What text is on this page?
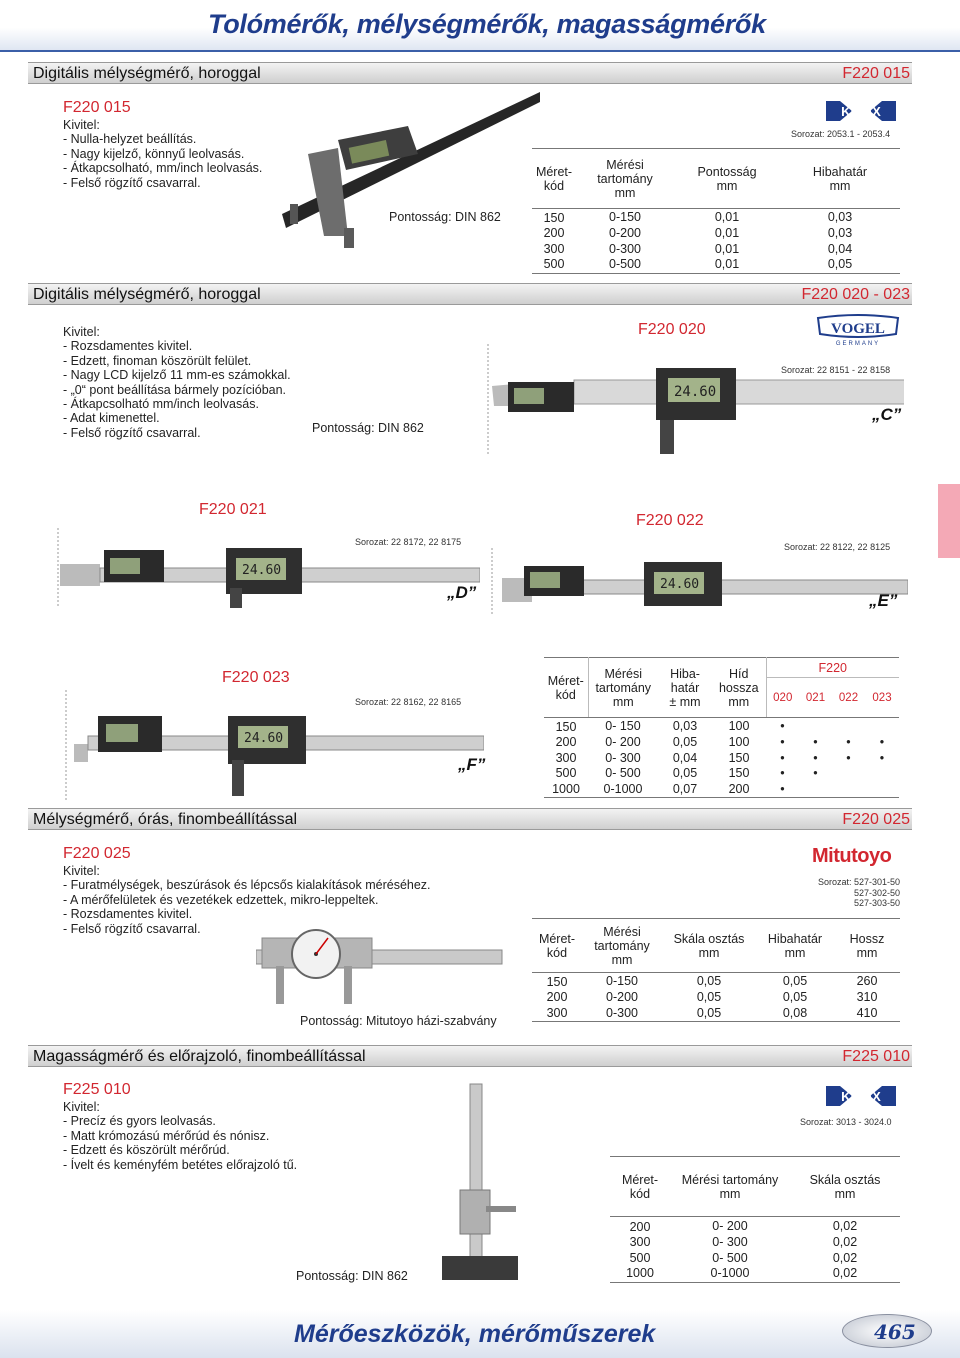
Tolómérők, mélységmérők, magasságmérők
Digitális mélységmérő, horoggal	F220 015
F220 015
Kivitel:
- Nulla-helyzet beállítás.
- Nagy kijelző, könnyű leolvasás.
- Átkapcsolható, mm/inch leolvasás.
- Felső rögzítő csavarral.
Pontosság: DIN 862
KINEX
Sorozat: 2053.1 - 2053.4
Méret-
kód	Mérési
tartomány
mm	Pontosság
mm	Hibahatár
mm
150	0-150	0,01	0,03
200	0-200	0,01	0,03
300	0-300	0,01	0,04
500	0-500	0,01	0,05
Digitális mélységmérő, horoggal	F220 020 - 023
Kivitel:
- Rozsdamentes kivitel.
- Edzett, finoman köszörült felület.
- Nagy LCD kijelző 11 mm-es számokkal.
- „0“ pont beállítása bármely pozícióban.
- Átkapcsolható mm/inch leolvasás.
- Adat kimenettel.
- Felső rögzítő csavarral.	Pontosság: DIN 862
F220 020	VOGEL
GERMANY
Sorozat: 22 8151 - 22 8158
24.60
„C”
F220 021
Sorozat: 22 8172, 22 8175
24.60
„D”
F220 022
Sorozat: 22 8122, 22 8125
24.60
„E”
F220 023
Sorozat: 22 8162, 22 8165
24.60
„F”
Méret-
kód	Mérési
tartomány
mm	Hiba-
határ
± mm	Híd
hossza
mm	F220			
				020	021	022	023
150	0- 150	0,03	100	•			
200	0- 200	0,05	100	•	•	•	•
300	0- 300	0,04	150	•	•	•	•
500	0- 500	0,05	150	•	•		
1000	0-1000	0,07	200	•			
Mélységmérő, órás, finombeállítással	F220 025
F220 025
Kivitel:
- Furatmélységek, beszúrások és lépcsős kialakítások méréséhez.
- A mérőfelületek és vezetékek edzettek, mikro-leppeltek.
- Rozsdamentes kivitel.
- Felső rögzítő csavarral.
Pontosság: Mitutoyo házi-szabvány
Mitutoyo
Sorozat: 527-301-50
527-302-50
527-303-50
Méret-
kód	Mérési
tartomány
mm	Skála osztás
mm	Hibahatár
mm	Hossz
mm
150	0-150	0,05	0,05	260
200	0-200	0,05	0,05	310
300	0-300	0,05	0,08	410
Magasságmérő és előrajzoló, finombeállítással	F225 010
F225 010
Kivitel:
- Precíz és gyors leolvasás.
- Matt krómozású mérőrúd és nónisz.
- Edzett és köszörült mérőrúd.
- Ívelt és keményfém betétes előrajzoló tű.
Pontosság: DIN 862
KINEX
Sorozat: 3013 - 3024.0
Méret-
kód	Mérési tartomány
mm	Skála osztás
mm
200	0- 200	0,02
300	0- 300	0,02
500	0- 500	0,02
1000	0-1000	0,02
Mérőeszközök, mérőműszerek	465
